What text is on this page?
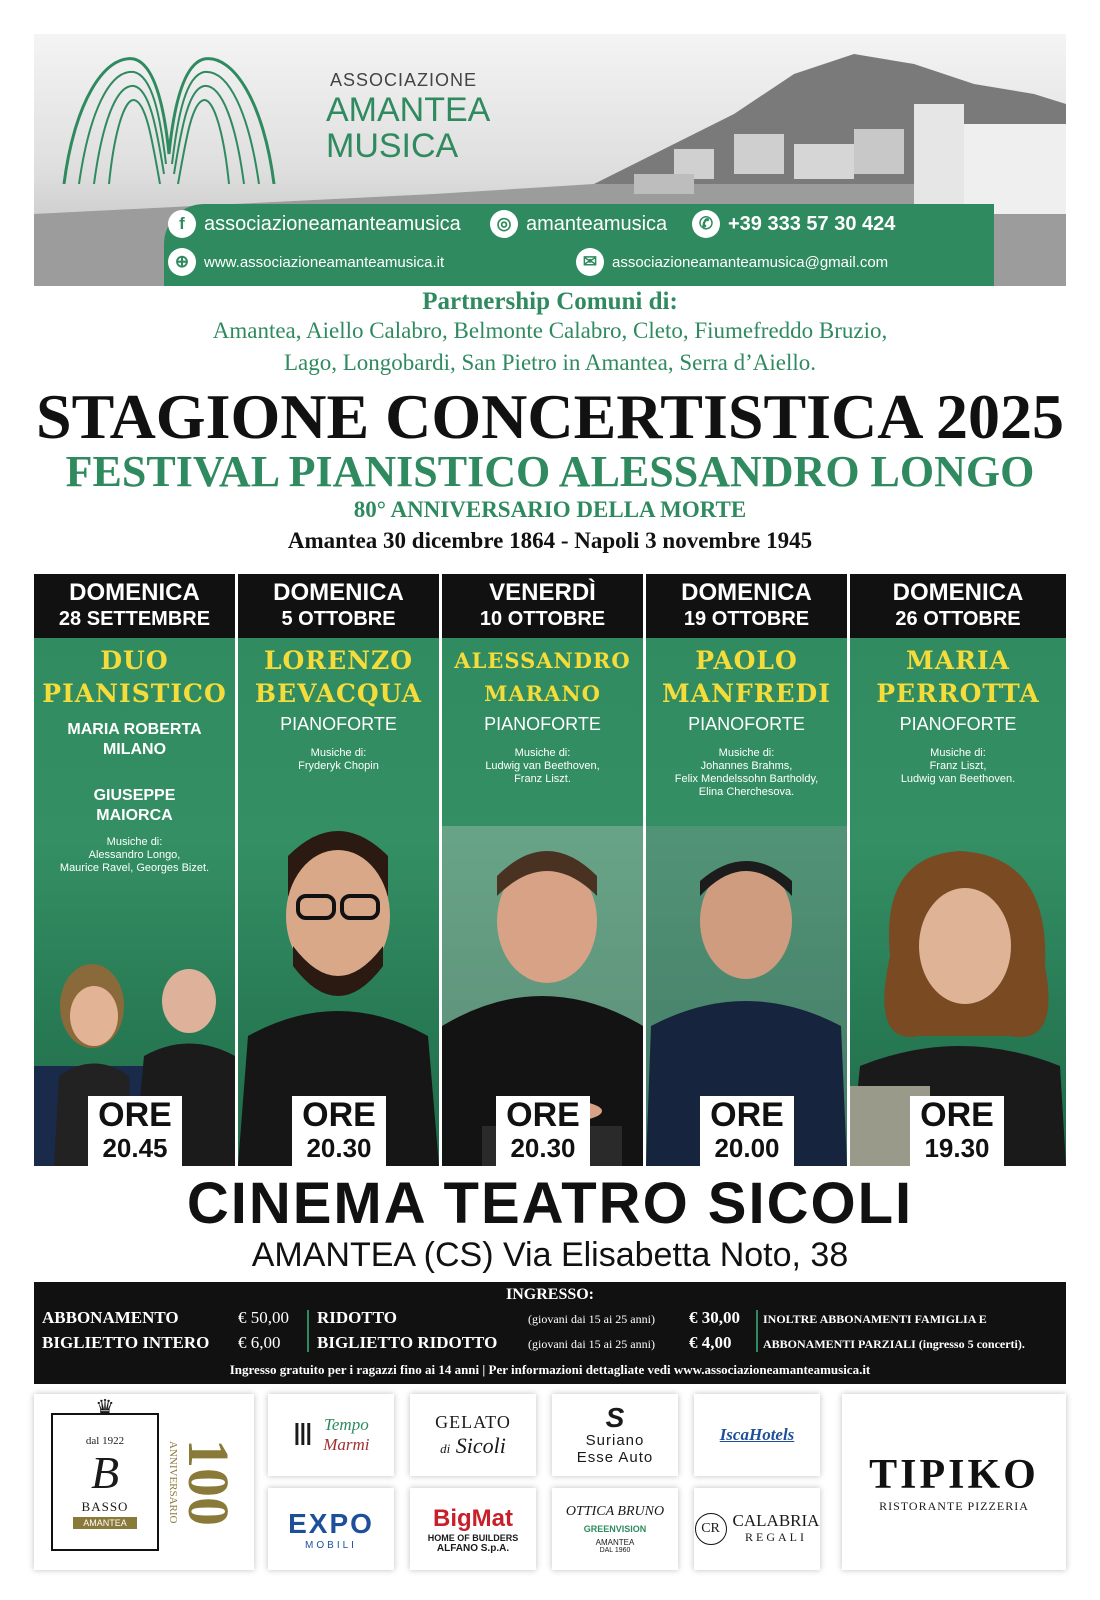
ASSOCIAZIONE
AMANTEA
MUSICA
f associazioneamanteamusica	◎ amanteamusica	✆ +39 333 57 30 424
⊕ www.associazioneamanteamusica.it	✉ associazioneamanteamusica@gmail.com
Partnership Comuni di:
Amantea, Aiello Calabro, Belmonte Calabro, Cleto, Fiumefreddo Bruzio,
Lago, Longobardi, San Pietro in Amantea, Serra d’Aiello.
STAGIONE CONCERTISTICA 2025
FESTIVAL PIANISTICO ALESSANDRO LONGO
80° ANNIVERSARIO DELLA MORTE
Amantea 30 dicembre 1864 - Napoli 3 novembre 1945
DOMENICA
28 SETTEMBRE
DUO
PIANISTICO
MARIA ROBERTA
MILANO
GIUSEPPE
MAIORCA
Musiche di:
Alessandro Longo,
Maurice Ravel, Georges Bizet.
ORE
20.45
DOMENICA
5 OTTOBRE
LORENZO
BEVACQUA
PIANOFORTE
Musiche di:
Fryderyk Chopin
ORE
20.30
VENERDÌ
10 OTTOBRE
ALESSANDRO
MARANO
PIANOFORTE
Musiche di:
Ludwig van Beethoven,
Franz Liszt.
ORE
20.30
DOMENICA
19 OTTOBRE
PAOLO
MANFREDI
PIANOFORTE
Musiche di:
Johannes Brahms,
Felix Mendelssohn Bartholdy,
Elina Cherchesova.
ORE
20.00
DOMENICA
26 OTTOBRE
MARIA
PERROTTA
PIANOFORTE
Musiche di:
Franz Liszt,
Ludwig van Beethoven.
ORE
19.30
CINEMA TEATRO SICOLI
AMANTEA (CS) Via Elisabetta Noto, 38
INGRESSO:
ABBONAMENTO	€ 50,00 RIDOTTO	(giovani dai 15 ai 25 anni) € 30,00 INOLTRE ABBONAMENTI FAMIGLIA E
BIGLIETTO INTERO € 6,00 BIGLIETTO RIDOTTO	(giovani dai 15 ai 25 anni) € 4,00	ABBONAMENTI PARZIALI (ingresso 5 concerti).
Ingresso gratuito per i ragazzi fino ai 14 anni | Per informazioni dettagliate vedi www.associazioneamanteamusica.it
♛
dal 1922
B
BASSO
AMANTEA	ANNIVERSARIO
100
Ⅲ Tempo
Marmi
GELATO
di Sicoli
S
Suriano
Esse Auto
IscaHotels
TIPIKO
RISTORANTE PIZZERIA
EXPO
MOBILI
BigMat
HOME OF BUILDERS
ALFANO S.p.A.
OTTICA BRUNO
GREENVISION
AMANTEA
DAL 1960
CR CALABRIA
REGALI
